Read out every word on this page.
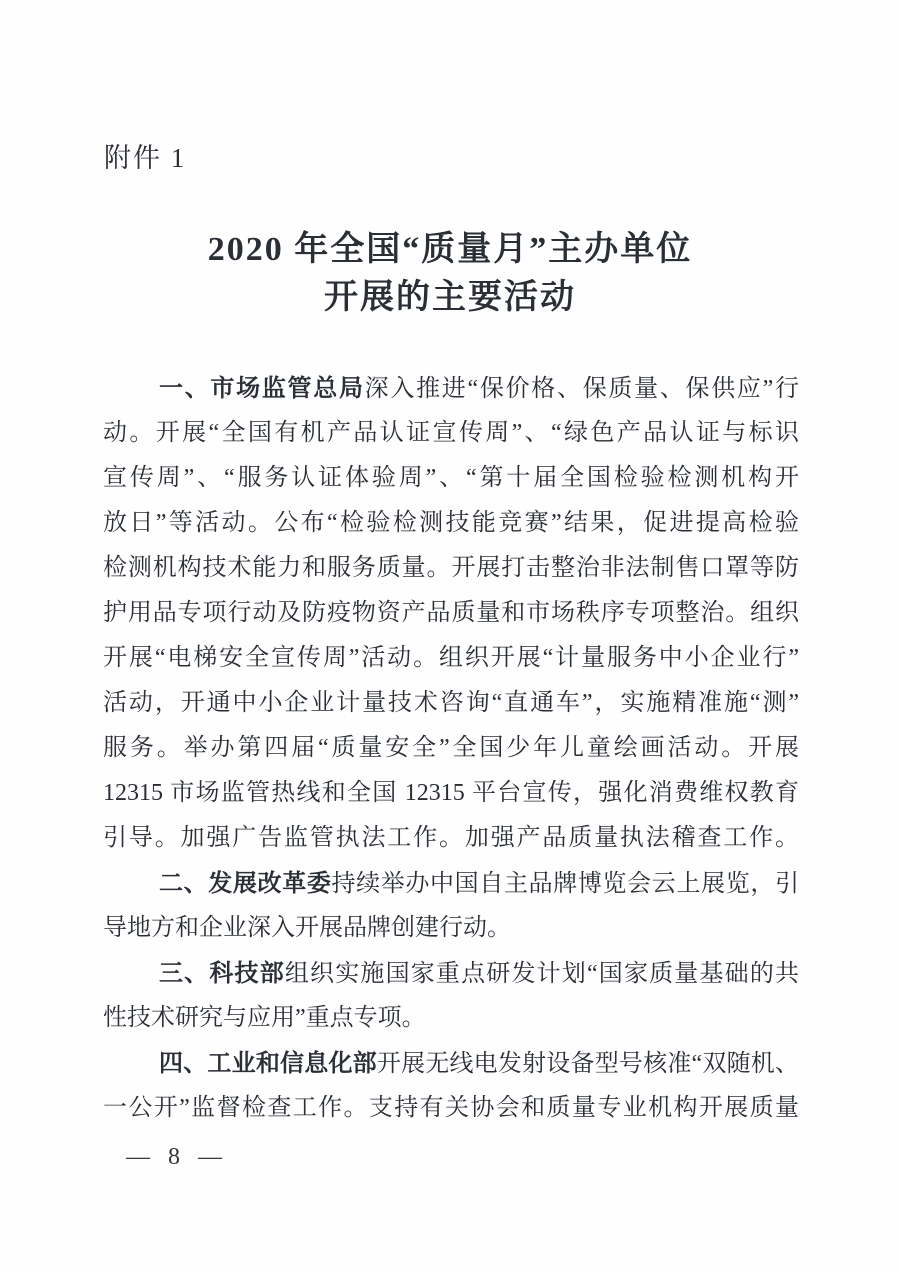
附件 1
2020 年全国“质量月”主办单位
开展的主要活动
一、市场监管总局深入推进“保价格、保质量、保供应”行
动。开展“全国有机产品认证宣传周”、“绿色产品认证与标识
宣传周”、“服务认证体验周”、“第十届全国检验检测机构开
放日”等活动。公布“检验检测技能竞赛”结果，促进提高检验
检测机构技术能力和服务质量。开展打击整治非法制售口罩等防
护用品专项行动及防疫物资产品质量和市场秩序专项整治。组织
开展“电梯安全宣传周”活动。组织开展“计量服务中小企业行”
活动，开通中小企业计量技术咨询“直通车”，实施精准施“测”
服务。举办第四届“质量安全”全国少年儿童绘画活动。开展
12315 市场监管热线和全国 12315 平台宣传，强化消费维权教育
引导。加强广告监管执法工作。加强产品质量执法稽查工作。
二、发展改革委持续举办中国自主品牌博览会云上展览，引
导地方和企业深入开展品牌创建行动。
三、科技部组织实施国家重点研发计划“国家质量基础的共
性技术研究与应用”重点专项。
四、工业和信息化部开展无线电发射设备型号核准“双随机、
一公开”监督检查工作。支持有关协会和质量专业机构开展质量
— 8 —
